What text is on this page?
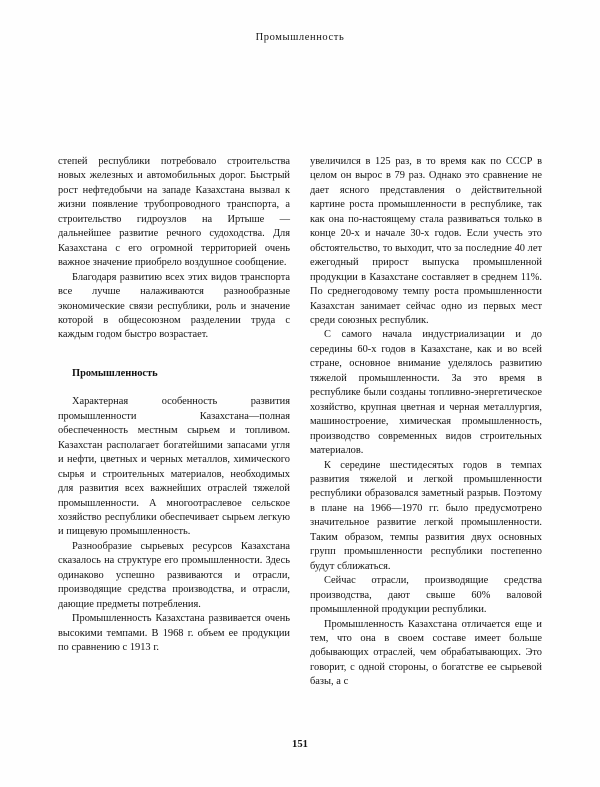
Промышленность

степей республики потребовало строительства новых железных и автомобильных дорог. Быстрый рост нефтедобычи на западе Казахстана вызвал к жизни появление трубопроводного транспорта, а строительство гидроузлов на Иртыше — дальнейшее развитие речного судоходства. Для Казахстана с его огромной территорией очень важное значение приобрело воздушное сообщение.

Благодаря развитию всех этих видов транспорта все лучше налаживаются разнообразные экономические связи республики, роль и значение которой в общесоюзном разделении труда с каждым годом быстро возрастает.

Промышленность

Характерная особенность развития промышленности Казахстана—полная обеспеченность местным сырьем и топливом. Казахстан располагает богатейшими запасами угля и нефти, цветных и черных металлов, химического сырья и строительных материалов, необходимых для развития всех важнейших отраслей тяжелой промышленности. А многоотраслевое сельское хозяйство республики обеспечивает сырьем легкую и пищевую промышленность.

Разнообразие сырьевых ресурсов Казахстана сказалось на структуре его промышленности. Здесь одинаково успешно развиваются и отрасли, производящие средства производства, и отрасли, дающие предметы потребления.

Промышленность Казахстана развивается очень высокими темпами. В 1968 г. объем ее продукции по сравнению с 1913 г.

увеличился в 125 раз, в то время как по СССР в целом он вырос в 79 раз. Однако это сравнение не дает ясного представления о действительной картине роста промышленности в республике, так как она по-настоящему стала развиваться только в конце 20-х и начале 30-х годов. Если учесть это обстоятельство, то выходит, что за последние 40 лет ежегодный прирост выпуска промышленной продукции в Казахстане составляет в среднем 11%. По среднегодовому темпу роста промышленности Казахстан занимает сейчас одно из первых мест среди союзных республик.

С самого начала индустриализации и до середины 60-х годов в Казахстане, как и во всей стране, основное внимание уделялось развитию тяжелой промышленности. За это время в республике были созданы топливно-энергетическое хозяйство, крупная цветная и черная металлургия, машиностроение, химическая промышленность, производство современных видов строительных материалов.

К середине шестидесятых годов в темпах развития тяжелой и легкой промышленности республики образовался заметный разрыв. Поэтому в плане на 1966—1970 гг. было предусмотрено значительное развитие легкой промышленности. Таким образом, темпы развития двух основных групп промышленности республики постепенно будут сближаться.

Сейчас отрасли, производящие средства производства, дают свыше 60% валовой промышленной продукции республики.

Промышленность Казахстана отличается еще и тем, что она в своем составе имеет больше добывающих отраслей, чем обрабатывающих. Это говорит, с одной стороны, о богатстве ее сырьевой базы, а с

151
